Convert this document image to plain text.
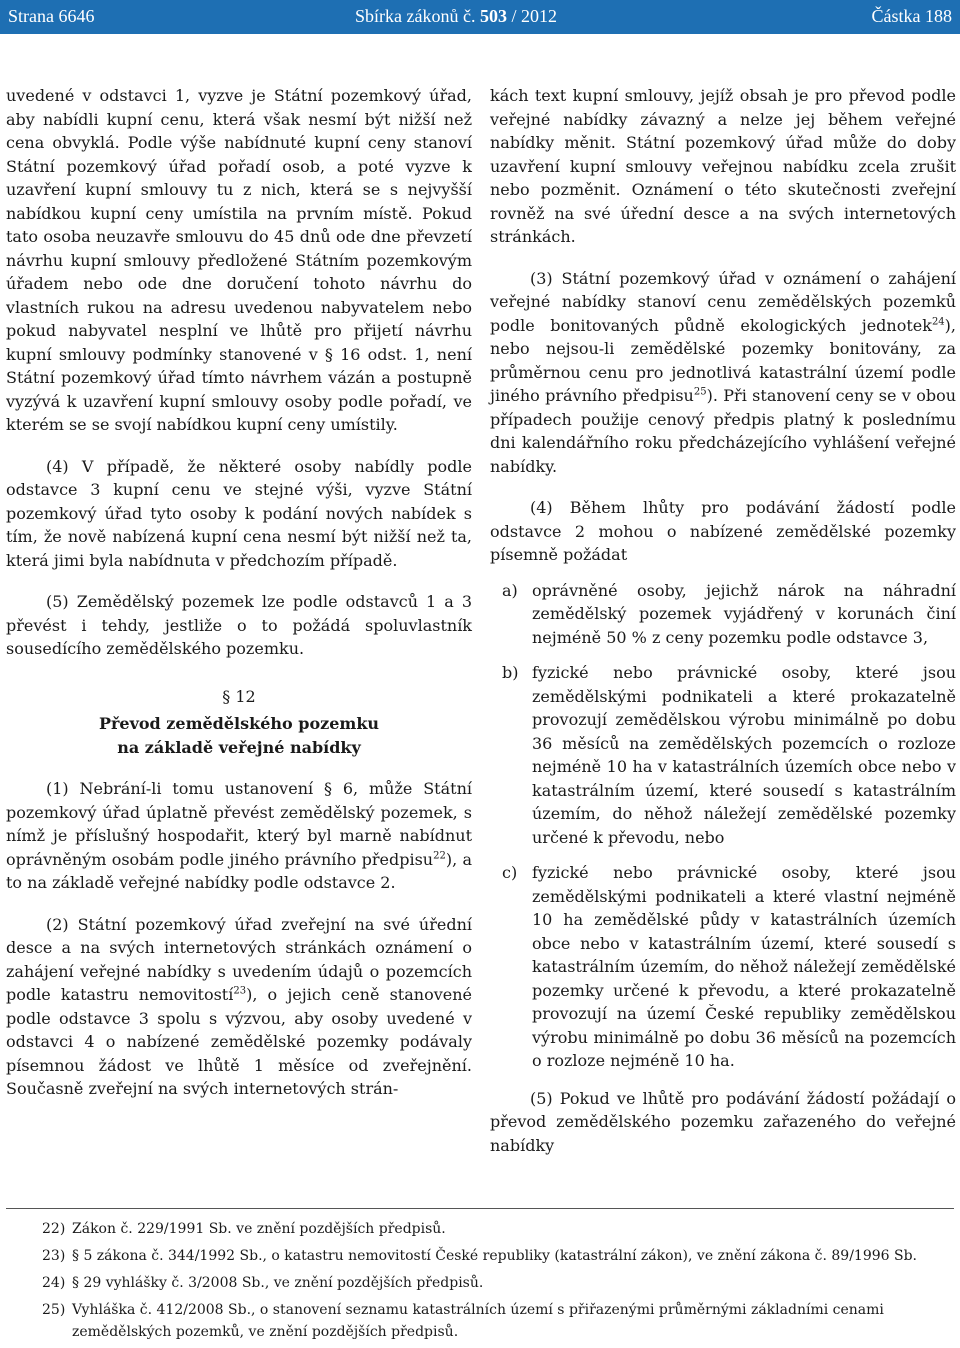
Strana 6646	Sbírka zákonů č. 503 / 2012	Částka 188

uvedené v odstavci 1, vyzve je Státní pozemkový úřad, aby nabídli kupní cenu, která však nesmí být nižší než cena obvyklá. Podle výše nabídnuté kupní ceny stanoví Státní pozemkový úřad pořadí osob, a poté vyzve k uzavření kupní smlouvy tu z nich, která se s nejvyšší nabídkou kupní ceny umístila na prvním místě. Pokud tato osoba neuzavře smlouvu do 45 dnů ode dne převzetí návrhu kupní smlouvy předložené Státním pozemkovým úřadem nebo ode dne doručení tohoto návrhu do vlastních rukou na adresu uvedenou nabyvatelem nebo pokud nabyvatel nesplní ve lhůtě pro přijetí návrhu kupní smlouvy podmínky stanovené v § 16 odst. 1, není Státní pozemkový úřad tímto návrhem vázán a postupně vyzývá k uzavření kupní smlouvy osoby podle pořadí, ve kterém se se svojí nabídkou kupní ceny umístily.

(4) V případě, že některé osoby nabídly podle odstavce 3 kupní cenu ve stejné výši, vyzve Státní pozemkový úřad tyto osoby k podání nových nabídek s tím, že nově nabízená kupní cena nesmí být nižší než ta, která jimi byla nabídnuta v předchozím případě.

(5) Zemědělský pozemek lze podle odstavců 1 a 3 převést i tehdy, jestliže o to požádá spoluvlastník sousedícího zemědělského pozemku.

§ 12
Převod zemědělského pozemku
na základě veřejné nabídky

(1) Nebrání-li tomu ustanovení § 6, může Státní pozemkový úřad úplatně převést zemědělský pozemek, s nímž je příslušný hospodařit, který byl marně nabídnut oprávněným osobám podle jiného právního předpisu$^{22}$), a to na základě veřejné nabídky podle odstavce 2.

(2) Státní pozemkový úřad zveřejní na své úřední desce a na svých internetových stránkách oznámení o zahájení veřejné nabídky s uvedením údajů o pozemcích podle katastru nemovitostí$^{23}$), o jejich ceně stanovené podle odstavce 3 spolu s výzvou, aby osoby uvedené v odstavci 4 o nabízené zemědělské pozemky podávaly písemnou žádost ve lhůtě 1 měsíce od zveřejnění. Současně zveřejní na svých internetových strán-

kách text kupní smlouvy, jejíž obsah je pro převod podle veřejné nabídky závazný a nelze jej během veřejné nabídky měnit. Státní pozemkový úřad může do doby uzavření kupní smlouvy veřejnou nabídku zcela zrušit nebo pozměnit. Oznámení o této skutečnosti zveřejní rovněž na své úřední desce a na svých internetových stránkách.

(3) Státní pozemkový úřad v oznámení o zahájení veřejné nabídky stanoví cenu zemědělských pozemků podle bonitovaných půdně ekologických jednotek$^{24}$), nebo nejsou-li zemědělské pozemky bonitovány, za průměrnou cenu pro jednotlivá katastrální území podle jiného právního předpisu$^{25}$). Při stanovení ceny se v obou případech použije cenový předpis platný k poslednímu dni kalendářního roku předcházejícího vyhlášení veřejné nabídky.

(4) Během lhůty pro podávání žádostí podle odstavce 2 mohou o nabízené zemědělské pozemky písemně požádat

a) oprávněné osoby, jejichž nárok na náhradní zemědělský pozemek vyjádřený v korunách činí nejméně 50 % z ceny pozemku podle odstavce 3,
b) fyzické nebo právnické osoby, které jsou zemědělskými podnikateli a které prokazatelně provozují zemědělskou výrobu minimálně po dobu 36 měsíců na zemědělských pozemcích o rozloze nejméně 10 ha v katastrálních územích obce nebo v katastrálním území, které sousedí s katastrálním územím, do něhož náležejí zemědělské pozemky určené k převodu, nebo
c) fyzické nebo právnické osoby, které jsou zemědělskými podnikateli a které vlastní nejméně 10 ha zemědělské půdy v katastrálních územích obce nebo v katastrálním území, které sousedí s katastrálním územím, do něhož náležejí zemědělské pozemky určené k převodu, a které prokazatelně provozují na území České republiky zemědělskou výrobu minimálně po dobu 36 měsíců na pozemcích o rozloze nejméně 10 ha.

(5) Pokud ve lhůtě pro podávání žádostí požádají o převod zemědělského pozemku zařazeného do veřejné nabídky

22) Zákon č. 229/1991 Sb. ve znění pozdějších předpisů.
23) § 5 zákona č. 344/1992 Sb., o katastru nemovitostí České republiky (katastrální zákon), ve znění zákona č. 89/1996 Sb.
24) § 29 vyhlášky č. 3/2008 Sb., ve znění pozdějších předpisů.
25) Vyhláška č. 412/2008 Sb., o stanovení seznamu katastrálních území s přiřazenými průměrnými základními cenami zemědělských pozemků, ve znění pozdějších předpisů.
